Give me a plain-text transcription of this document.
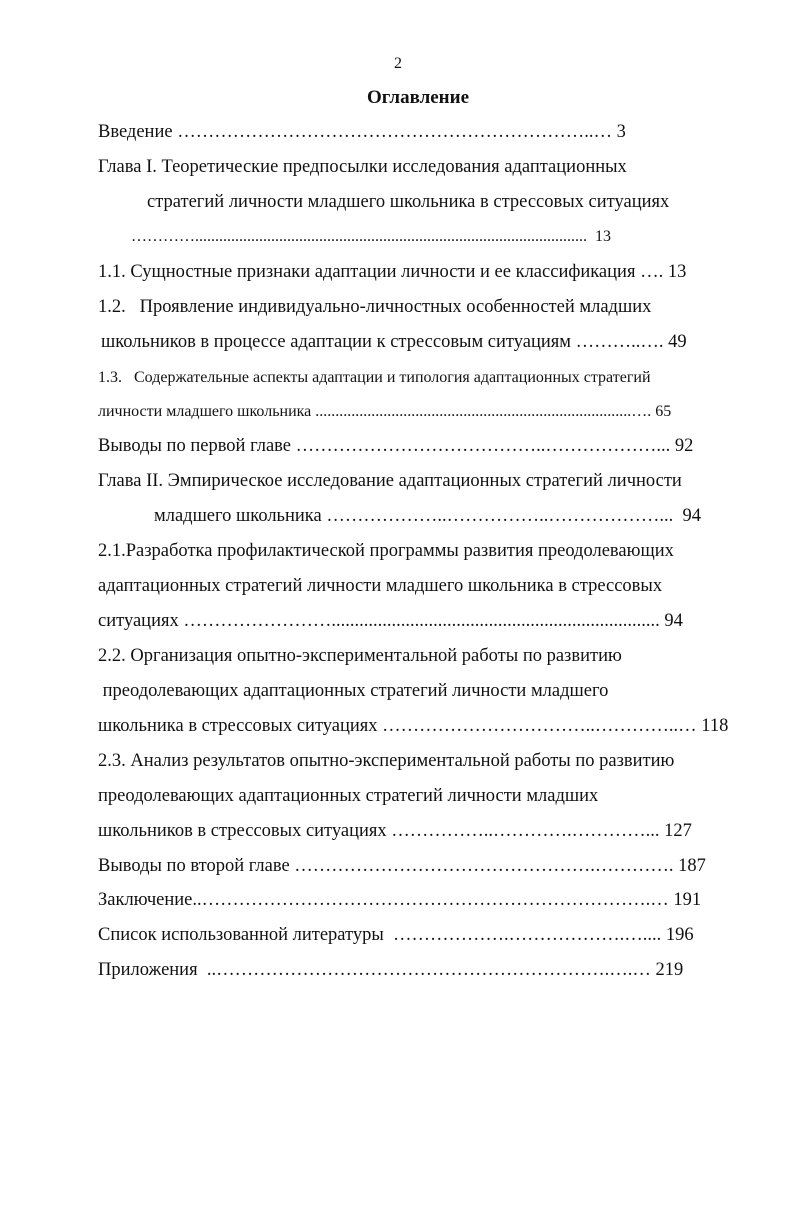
2
Оглавление
Введение …………………………………………………………..… 3
Глава I. Теоретические предпосылки исследования адаптационных
стратегий личности младшего школьника в стрессовых ситуациях
…………..................................................................................................  13
1.1. Сущностные признаки адаптации личности и ее классификация …. 13
1.2.   Проявление индивидуально-личностных особенностей младших
школьников в процессе адаптации к стрессовым ситуациям ………..…. 49
1.3.   Содержательные аспекты адаптации и типология адаптационных стратегий
личности младшего школьника ...............................................................................…. 65
Выводы по первой главе …………………………………..………………... 92
Глава II. Эмпирическое исследование адаптационных стратегий личности
младшего школьника ………………..……………..………………...  94
2.1.Разработка профилактической программы развития преодолевающих
адаптационных стратегий личности младшего школьника в стрессовых
ситуациях ……………………....................................................................... 94
2.2. Организация опытно-экспериментальной работы по развитию
преодолевающих адаптационных стратегий личности младшего
школьника в стрессовых ситуациях ……………………………..…………..… 118
2.3. Анализ результатов опытно-экспериментальной работы по развитию
преодолевающих адаптационных стратегий личности младших
школьников в стрессовых ситуациях ……………..………….…………... 127
Выводы по второй главе ………………………………………….…………. 187
Заключение..……………………………………………………………….… 191
Список использованной литературы  ……………….……………….….... 196
Приложения  ..……………………………………………………….….… 219
